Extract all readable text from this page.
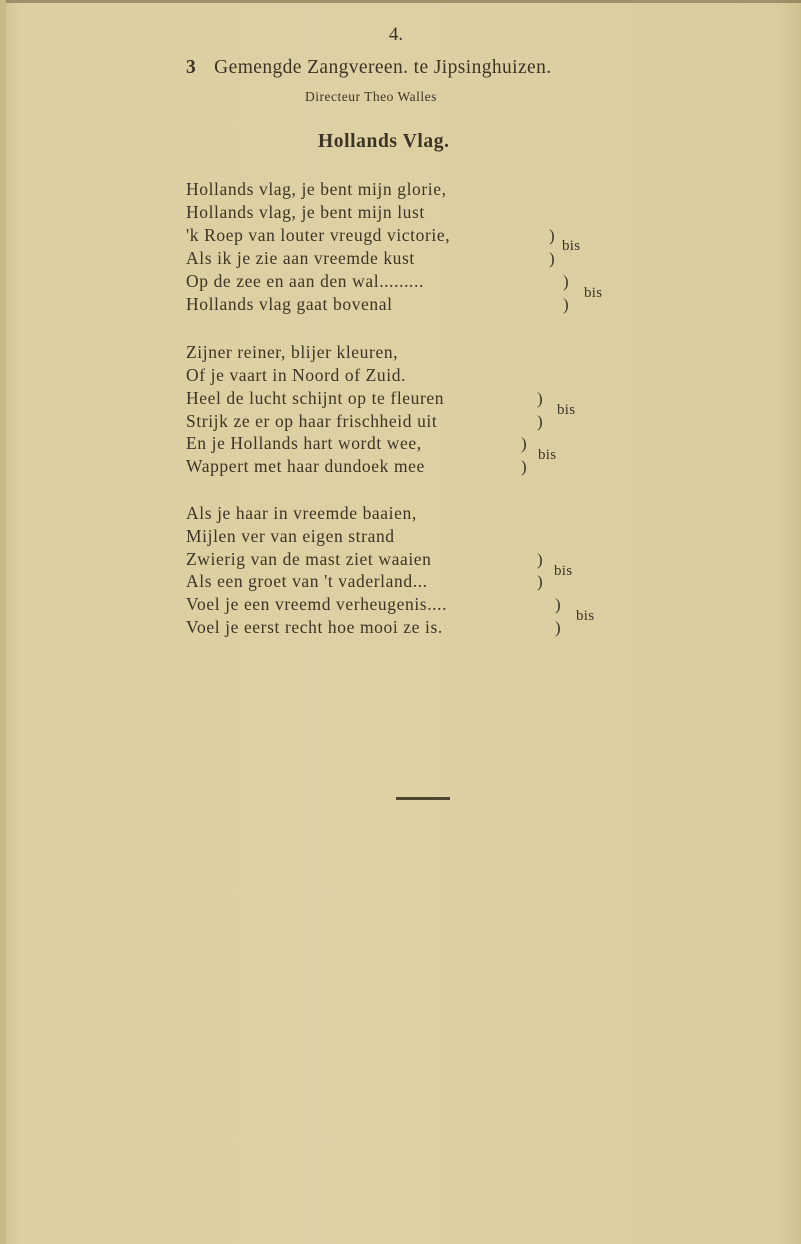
4.
3 Gemengde Zangvereen. te Jipsinghuizen.
Directeur Theo Walles
Hollands Vlag.
Hollands vlag, je bent mijn glorie,
Hollands vlag, je bent mijn lust
'k Roep van louter vreugd victorie,
Als ik je zie aan vreemde kust
Op de zee en aan den wal.........
Hollands vlag gaat bovenal
)
)
bis
)
)
bis
Zijner reiner, blijer kleuren,
Of je vaart in Noord of Zuid.
Heel de lucht schijnt op te fleuren
Strijk ze er op haar frischheid uit
En je Hollands hart wordt wee,
Wappert met haar dundoek mee
)
)
bis
)
)
bis
Als je haar in vreemde baaien,
Mijlen ver van eigen strand
Zwierig van de mast ziet waaien
Als een groet van 't vaderland...
Voel je een vreemd verheugenis....
Voel je eerst recht hoe mooi ze is.
)
)
bis
)
)
bis
